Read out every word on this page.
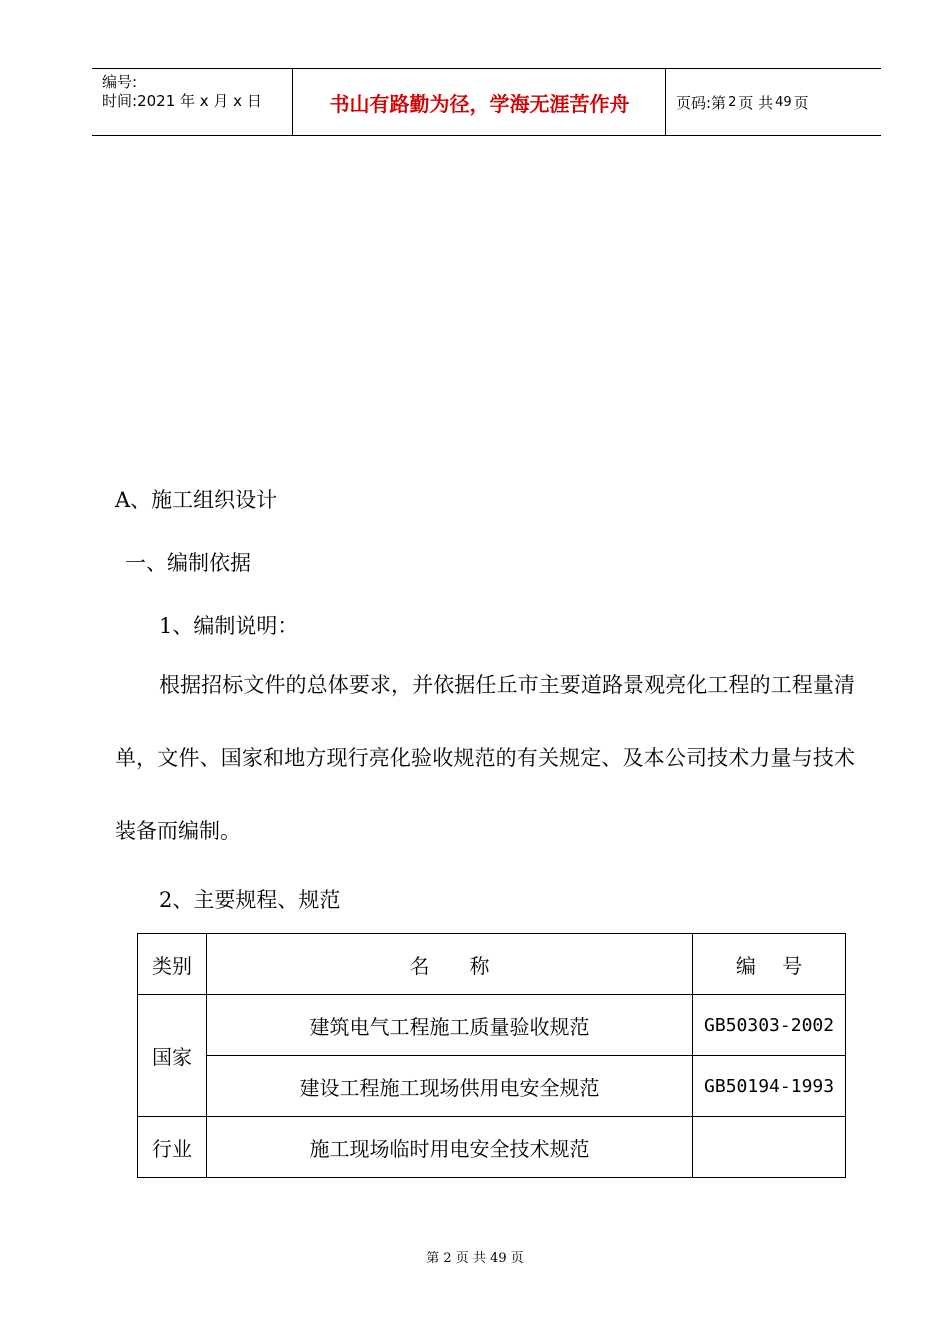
编号:
时间:2021 年 x 月 x 日	书山有路勤为径，学海无涯苦作舟	页码:第 2 页 共 49 页
A、施工组织设计
一、编制依据
1、编制说明：
根据招标文件的总体要求，并依据任丘市主要道路景观亮化工程的工程量清单，文件、国家和地方现行亮化验收规范的有关规定、及本公司技术力量与技术装备而编制。
2、主要规程、规范
类别	名　　称	编　 号
国家	建筑电气工程施工质量验收规范	GB50303-2002
	建设工程施工现场供用电安全规范	GB50194-1993
行业	施工现场临时用电安全技术规范	
第 2 页 共 49 页
